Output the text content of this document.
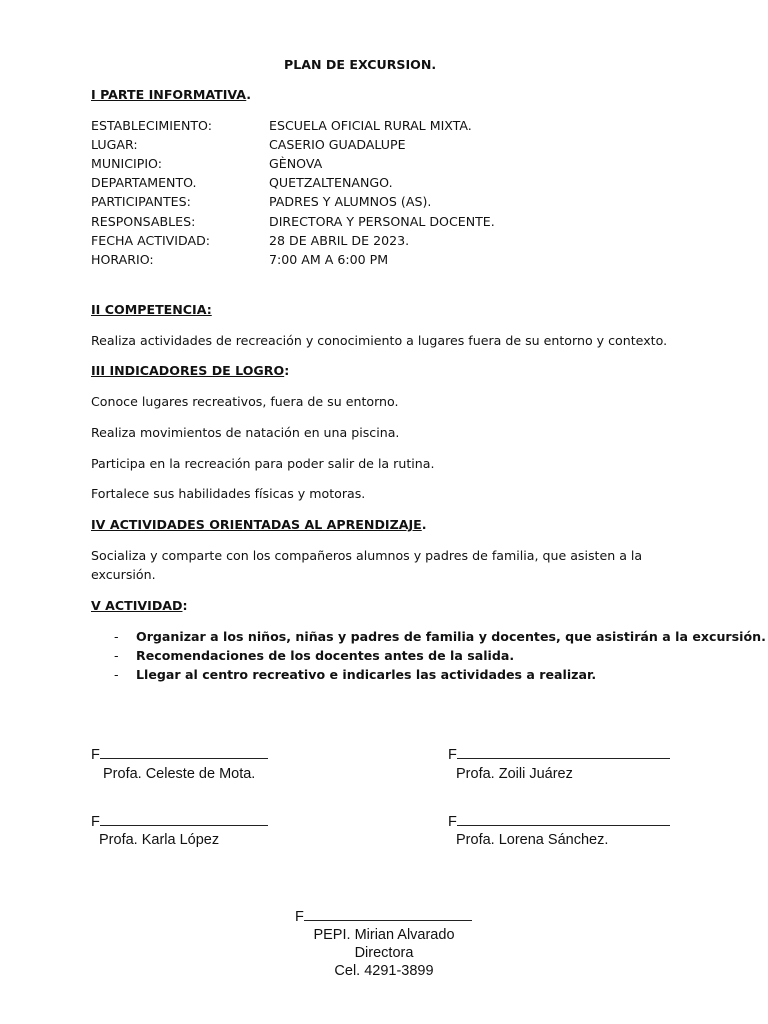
PLAN DE EXCURSION.
I PARTE INFORMATIVA.
ESTABLECIMIENTO:	ESCUELA OFICIAL RURAL MIXTA.
LUGAR:	CASERIO GUADALUPE
MUNICIPIO:	GÈNOVA
DEPARTAMENTO.	QUETZALTENANGO.
PARTICIPANTES:	PADRES Y ALUMNOS (AS).
RESPONSABLES:	DIRECTORA Y PERSONAL DOCENTE.
FECHA ACTIVIDAD:	28 DE ABRIL DE 2023.
HORARIO:	7:00 AM A 6:00 PM
II COMPETENCIA:
Realiza actividades de recreación y conocimiento a lugares fuera de su entorno y contexto.
III INDICADORES DE LOGRO:
Conoce lugares recreativos, fuera de su entorno.
Realiza movimientos de natación en una piscina.
Participa en la recreación para poder salir de la rutina.
Fortalece sus habilidades físicas y motoras.
IV ACTIVIDADES ORIENTADAS AL APRENDIZAJE.
Socializa y comparte con los compañeros alumnos y padres de familia, que asisten a la
excursión.
V ACTIVIDAD:
- Organizar a los niños, niñas y padres de familia y docentes, que asistirán a la excursión.
- Recomendaciones de los docentes antes de la salida.
- Llegar al centro recreativo e indicarles las actividades a realizar.
F
Profa. Celeste de Mota.
F
Profa. Zoili Juárez
F
Profa. Karla López
F
Profa. Lorena Sánchez.
F
PEPI. Mirian Alvarado
Directora
Cel. 4291-3899
